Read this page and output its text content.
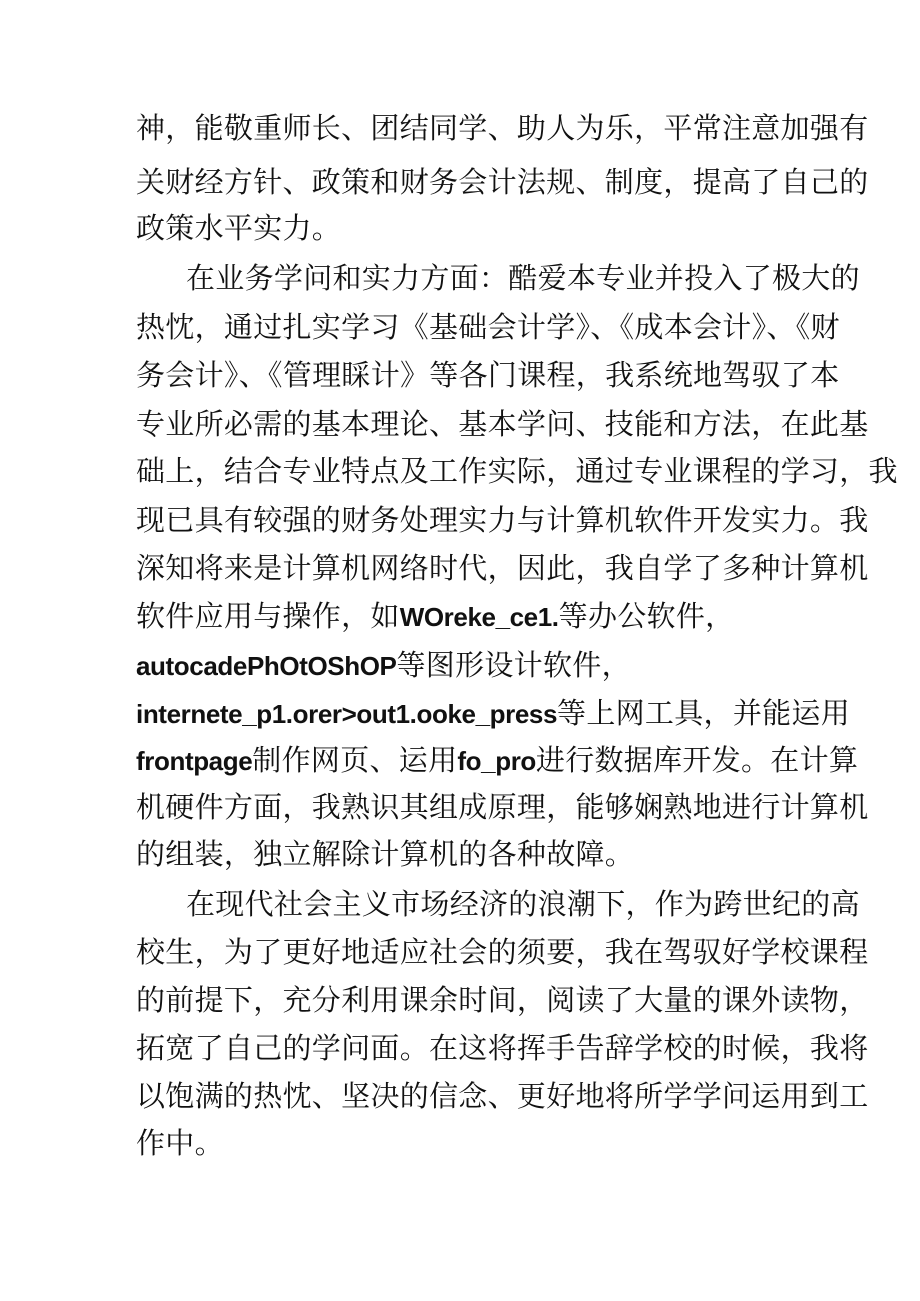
神，能敬重师长、团结同学、助人为乐，平常注意加强有
关财经方针、政策和财务会计法规、制度，提高了自己的
政策水平实力。
在业务学问和实力方面：酷爱本专业并投入了极大的
热忱，通过扎实学习《基础会计学》、《成本会计》、《财
务会计》、《管理睬计》等各门课程，我系统地驾驭了本
专业所必需的基本理论、基本学问、技能和方法，在此基
础上，结合专业特点及工作实际，通过专业课程的学习，我
现已具有较强的财务处理实力与计算机软件开发实力。我
深知将来是计算机网络时代，因此，我自学了多种计算机
软件应用与操作，如WOreke_ce1.等办公软件，
autocadePhOtOShOP等图形设计软件，
internete_p1.orer>out1.ooke_press等上网工具，并能运用
frontpage制作网页、运用fo_pro进行数据库开发。在计算
机硬件方面，我熟识其组成原理，能够娴熟地进行计算机
的组装，独立解除计算机的各种故障。
在现代社会主义市场经济的浪潮下，作为跨世纪的高
校生，为了更好地适应社会的须要，我在驾驭好学校课程
的前提下，充分利用课余时间，阅读了大量的课外读物，
拓宽了自己的学问面。在这将挥手告辞学校的时候，我将
以饱满的热忱、坚决的信念、更好地将所学学问运用到工
作中。
